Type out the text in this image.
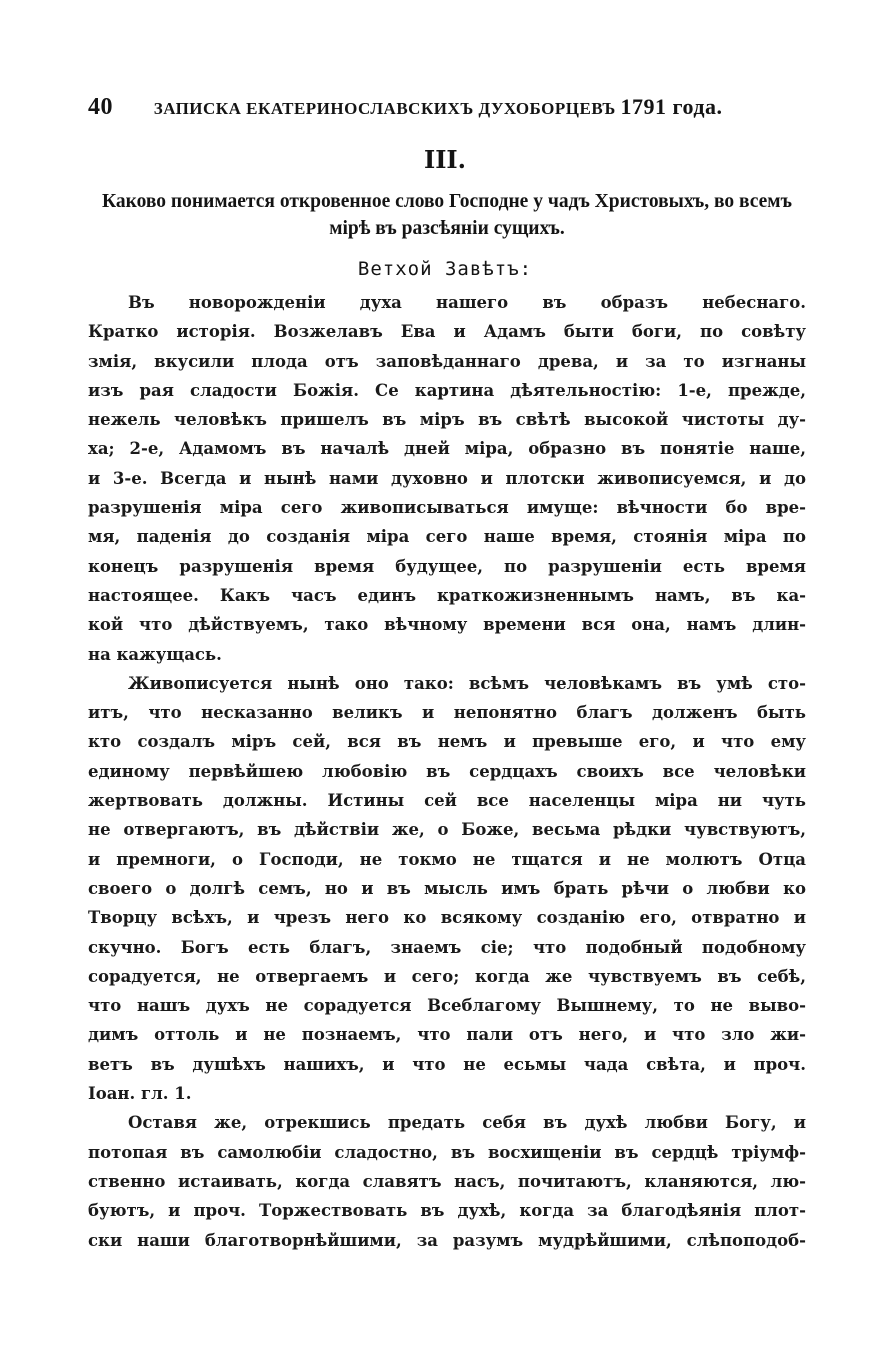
40 ЗАПИСКА ЕКАТЕРИНОСЛАВСКИХЪ ДУХОБОРЦЕВЪ 1791 года.
III.
Каково понимается откровенное слово Господне у чадъ Христовыхъ, во всемъ мірѣ въ разсѣяніи сущихъ.
Ветхой Завѣтъ:
Въ новорожденіи духа нашего въ образъ небеснаго.
Кратко исторія. Возжелавъ Ева и Адамъ быти боги, по совѣту
змія, вкусили плода отъ заповѣданнаго древа, и за то изгнаны
изъ рая сладости Божія. Се картина дѣятельностію: 1-е, прежде,
нежель человѣкъ пришелъ въ міръ въ свѣтѣ высокой чистоты ду-
ха; 2-е, Адамомъ въ началѣ дней міра, образно въ понятіе наше,
и 3-е. Всегда и нынѣ нами духовно и плотски живописуемся, и до
разрушенія міра сего живописываться имуще: вѣчности бо вре-
мя, паденія до созданія міра сего наше время, стоянія міра по
конецъ разрушенія время будущее, по разрушеніи есть время
настоящее. Какъ часъ единъ краткожизненнымъ намъ, въ ка-
кой что дѣйствуемъ, тако вѣчному времени вся она, намъ длин-
на кажущась.
Живописуется нынѣ оно тако: всѣмъ человѣкамъ въ умѣ сто-
итъ, что несказанно великъ и непонятно благъ долженъ быть
кто создалъ міръ сей, вся въ немъ и превыше его, и что ему
единому первѣйшею любовію въ сердцахъ своихъ все человѣки
жертвовать должны. Истины сей все населенцы міра ни чуть
не отвергаютъ, въ дѣйствіи же, о Боже, весьма рѣдки чувствуютъ,
и премноги, о Господи, не токмо не тщатся и не молютъ Отца
своего о долгѣ семъ, но и въ мысль имъ брать рѣчи о любви ко
Творцу всѣхъ, и чрезъ него ко всякому созданію его, отвратно и
скучно. Богъ есть благъ, знаемъ сіе; что подобный подобному
сорадуется, не отвергаемъ и сего; когда же чувствуемъ въ себѣ,
что нашъ духъ не сорадуется Всеблагому Вышнему, то не выво-
димъ оттоль и не познаемъ, что пали отъ него, и что зло жи-
ветъ въ душѣхъ нашихъ, и что не есьмы чада свѣта, и проч.
Іоан. гл. 1.
Оставя же, отрекшись предать себя въ духѣ любви Богу, и
потопая въ самолюбіи сладостно, въ восхищеніи въ сердцѣ тріумф-
ственно истаивать, когда славятъ насъ, почитаютъ, кланяются, лю-
буютъ, и проч. Торжествовать въ духѣ, когда за благодѣянія плот-
ски наши благотворнѣйшими, за разумъ мудрѣйшими, слѣпоподоб-
